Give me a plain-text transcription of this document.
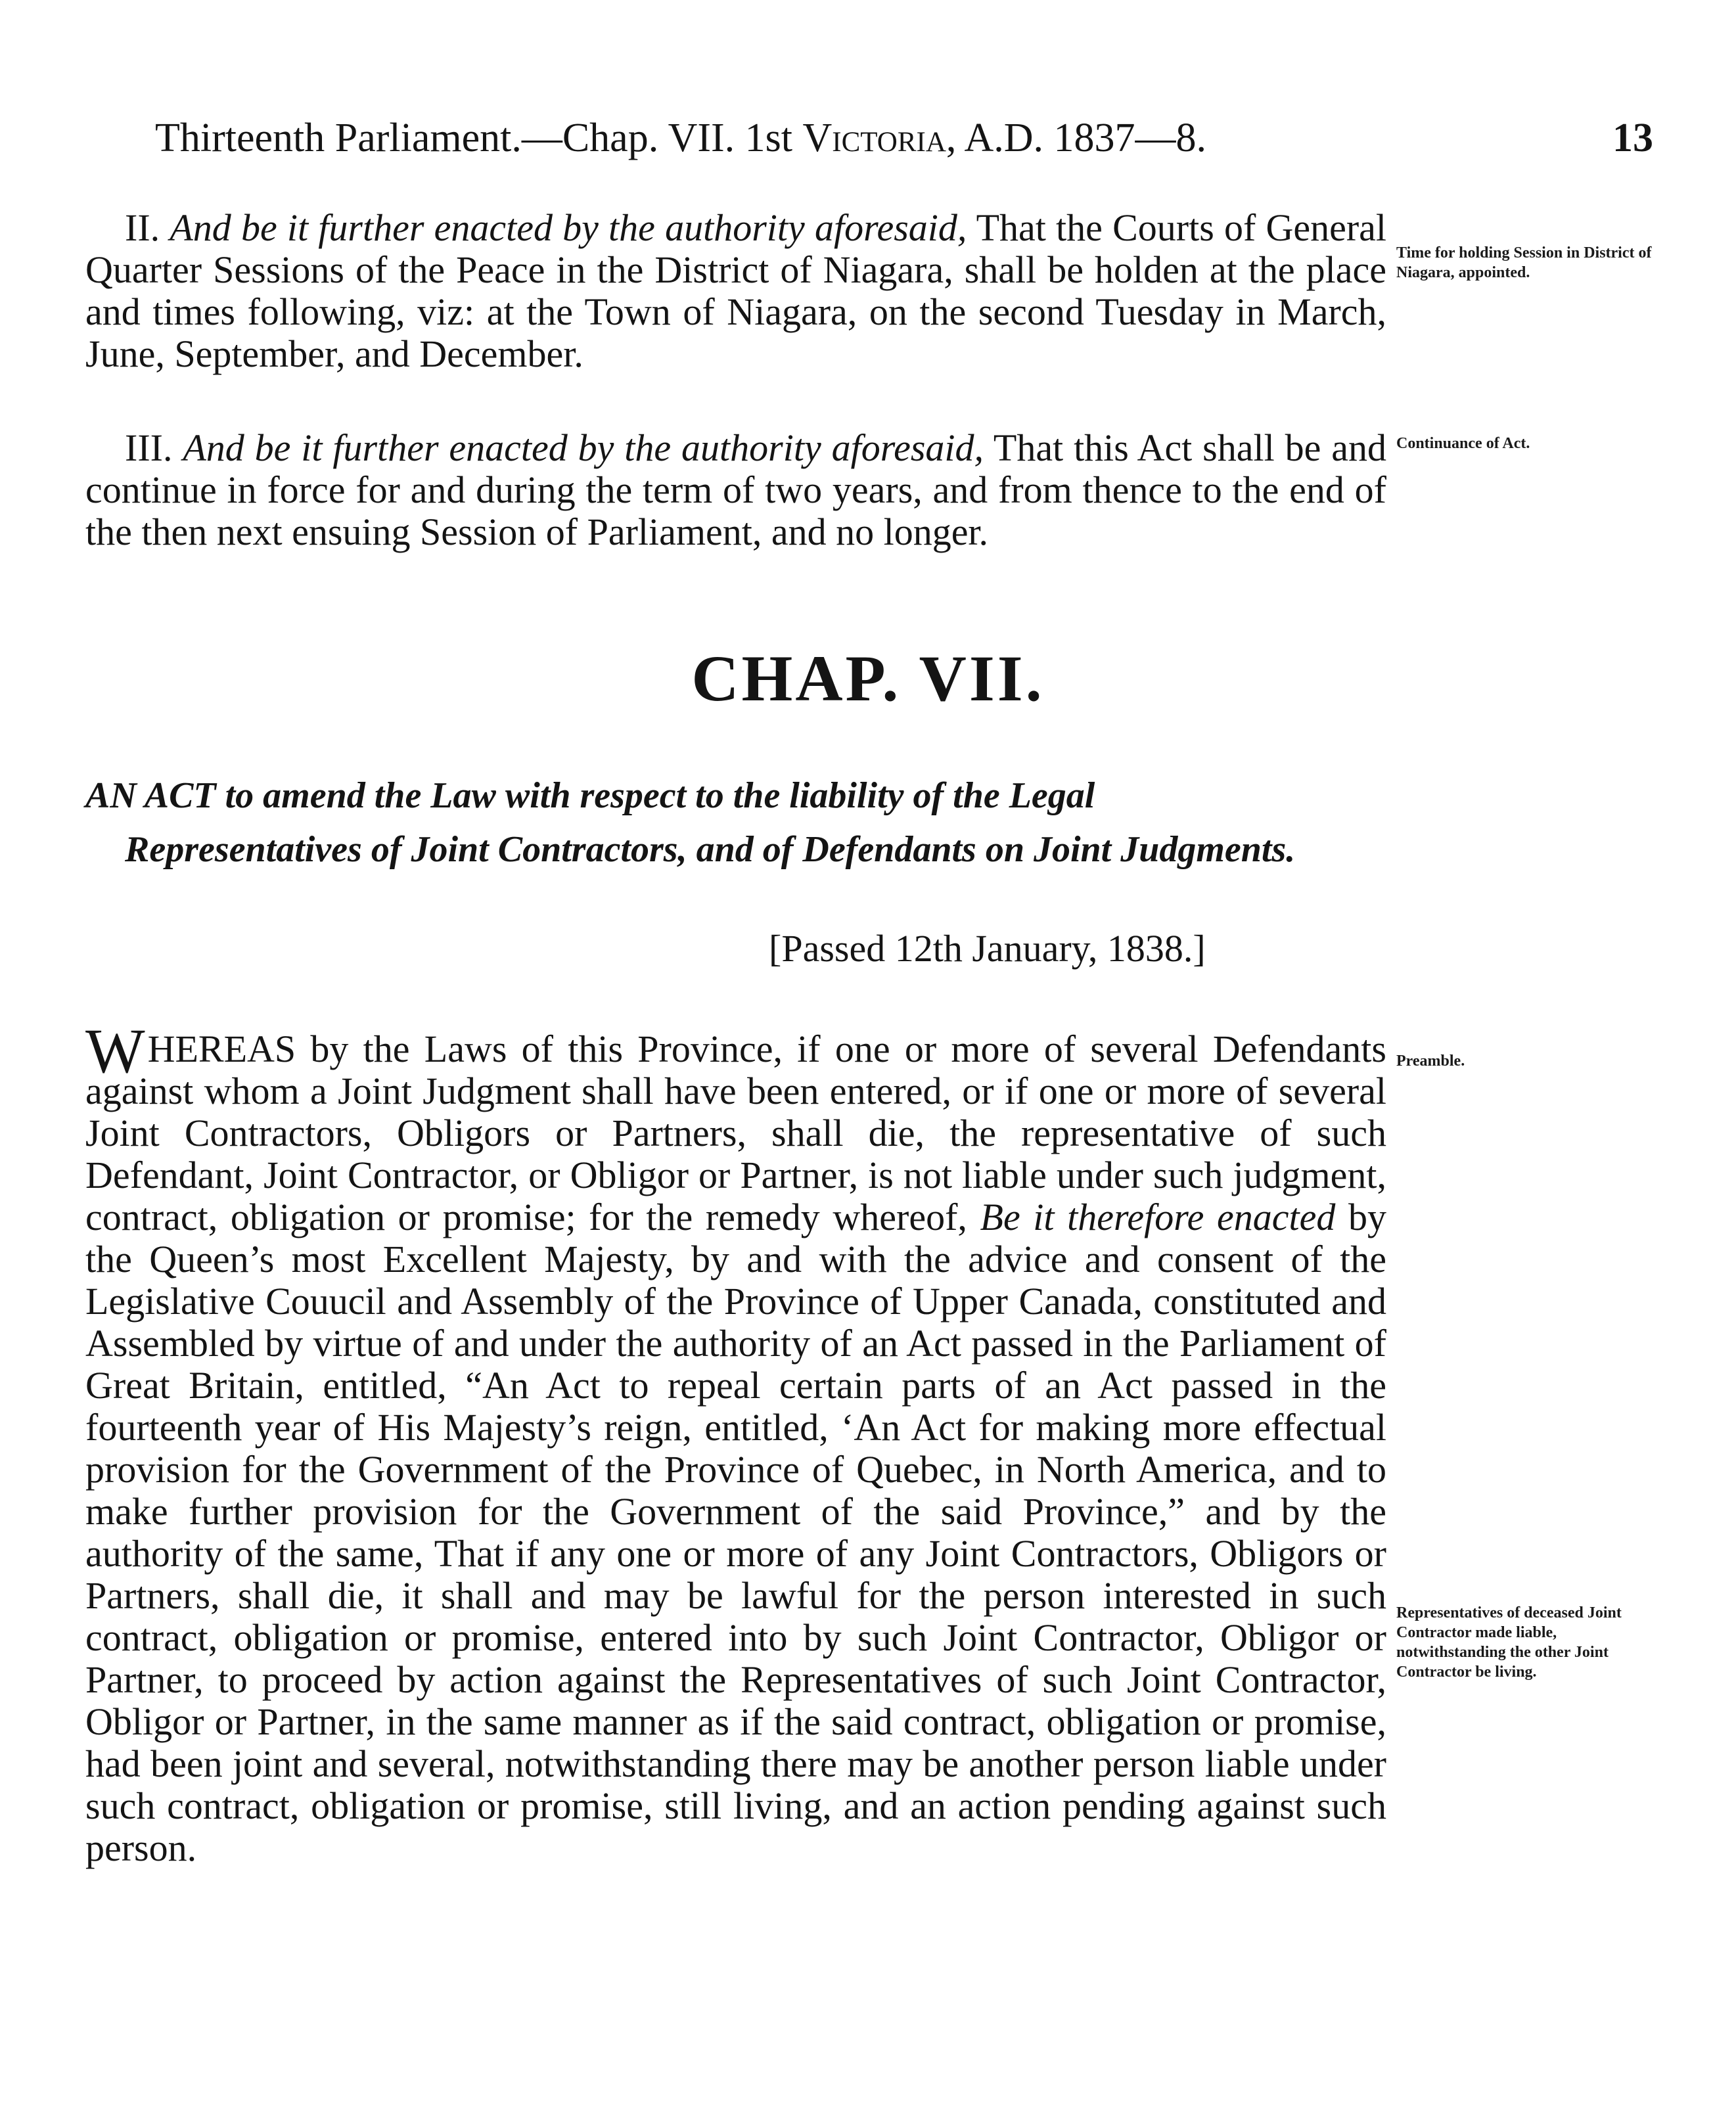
Thirteenth Parliament.—Chap. VII. 1st Victoria, A.D. 1837—8.	13

II. And be it further enacted by the authority aforesaid, That the Courts of General Quarter Sessions of the Peace in the District of Niagara, shall be holden at the place and times following, viz: at the Town of Niagara, on the second Tuesday in March, June, September, and December.

Time for holding Session in District of Niagara, appointed.

III. And be it further enacted by the authority aforesaid, That this Act shall be and continue in force for and during the term of two years, and from thence to the end of the then next ensuing Session of Parliament, and no longer.

Continuance of Act.
CHAP. VII.
AN ACT to amend the Law with respect to the liability of the Legal
Representatives of Joint Contractors, and of Defendants on Joint Judgments.
[Passed 12th January, 1838.]

WHEREAS by the Laws of this Province, if one or more of several Defendants against whom a Joint Judgment shall have been entered, or if one or more of several Joint Contractors, Obligors or Partners, shall die, the representative of such Defendant, Joint Contractor, or Obligor or Partner, is not liable under such judgment, contract, obligation or promise; for the remedy whereof, Be it therefore enacted by the Queen’s most Excellent Majesty, by and with the advice and consent of the Legislative Couucil and Assembly of the Province of Upper Canada, constituted and Assembled by virtue of and under the authority of an Act passed in the Parliament of Great Britain, entitled, “An Act to repeal certain parts of an Act passed in the fourteenth year of His Majesty’s reign, entitled, ‘An Act for making more effectual provision for the Government of the Province of Quebec, in North America, and to make further provision for the Government of the said Province,” and by the authority of the same, That if any one or more of any Joint Contractors, Obligors or Partners, shall die, it shall and may be lawful for the person interested in such contract, obligation or promise, entered into by such Joint Contractor, Obligor or Partner, to proceed by action against the Representatives of such Joint Contractor, Obligor or Partner, in the same manner as if the said contract, obligation or promise, had been joint and several, notwithstanding there may be another person liable under such contract, obligation or promise, still living, and an action pending against such person.

Preamble.
Representatives of deceased Joint Contractor made liable, notwithstanding the other Joint Contractor be living.
